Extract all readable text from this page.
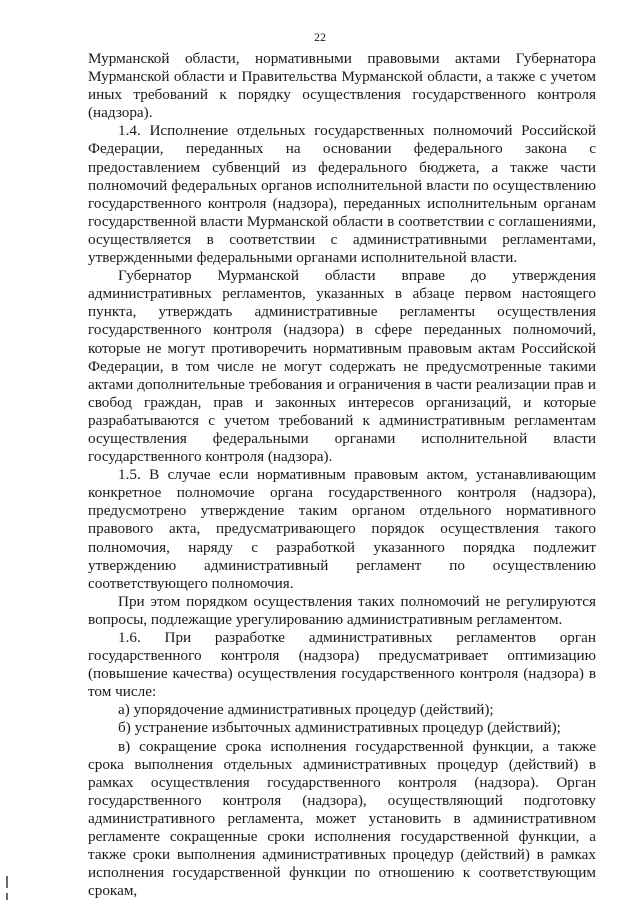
22

Мурманской области, нормативными правовыми актами Губернатора Мурманской области и Правительства Мурманской области, а также с учетом иных требований к порядку осуществления государственного контроля (надзора).

1.4. Исполнение отдельных государственных полномочий Российской Федерации, переданных на основании федерального закона с предоставлением субвенций из федерального бюджета, а также части полномочий федеральных органов исполнительной власти по осуществлению государственного контроля (надзора), переданных исполнительным органам государственной власти Мурманской области в соответствии с соглашениями, осуществляется в соответствии с административными регламентами, утвержденными федеральными органами исполнительной власти.

Губернатор Мурманской области вправе до утверждения административных регламентов, указанных в абзаце первом настоящего пункта, утверждать административные регламенты осуществления государственного контроля (надзора) в сфере переданных полномочий, которые не могут противоречить нормативным правовым актам Российской Федерации, в том числе не могут содержать не предусмотренные такими актами дополнительные требования и ограничения в части реализации прав и свобод граждан, прав и законных интересов организаций, и которые разрабатываются с учетом требований к административным регламентам осуществления федеральными органами исполнительной власти государственного контроля (надзора).

1.5. В случае если нормативным правовым актом, устанавливающим конкретное полномочие органа государственного контроля (надзора), предусмотрено утверждение таким органом отдельного нормативного правового акта, предусматривающего порядок осуществления такого полномочия, наряду с разработкой указанного порядка подлежит утверждению административный регламент по осуществлению соответствующего полномочия.

При этом порядком осуществления таких полномочий не регулируются вопросы, подлежащие урегулированию административным регламентом.

1.6. При разработке административных регламентов орган государственного контроля (надзора) предусматривает оптимизацию (повышение качества) осуществления государственного контроля (надзора) в том числе:

а) упорядочение административных процедур (действий);

б) устранение избыточных административных процедур (действий);

в) сокращение срока исполнения государственной функции, а также срока выполнения отдельных административных процедур (действий) в рамках осуществления государственного контроля (надзора). Орган государственного контроля (надзора), осуществляющий подготовку административного регламента, может установить в административном регламенте сокращенные сроки исполнения государственной функции, а также сроки выполнения административных процедур (действий) в рамках исполнения государственной функции по отношению к соответствующим срокам,
